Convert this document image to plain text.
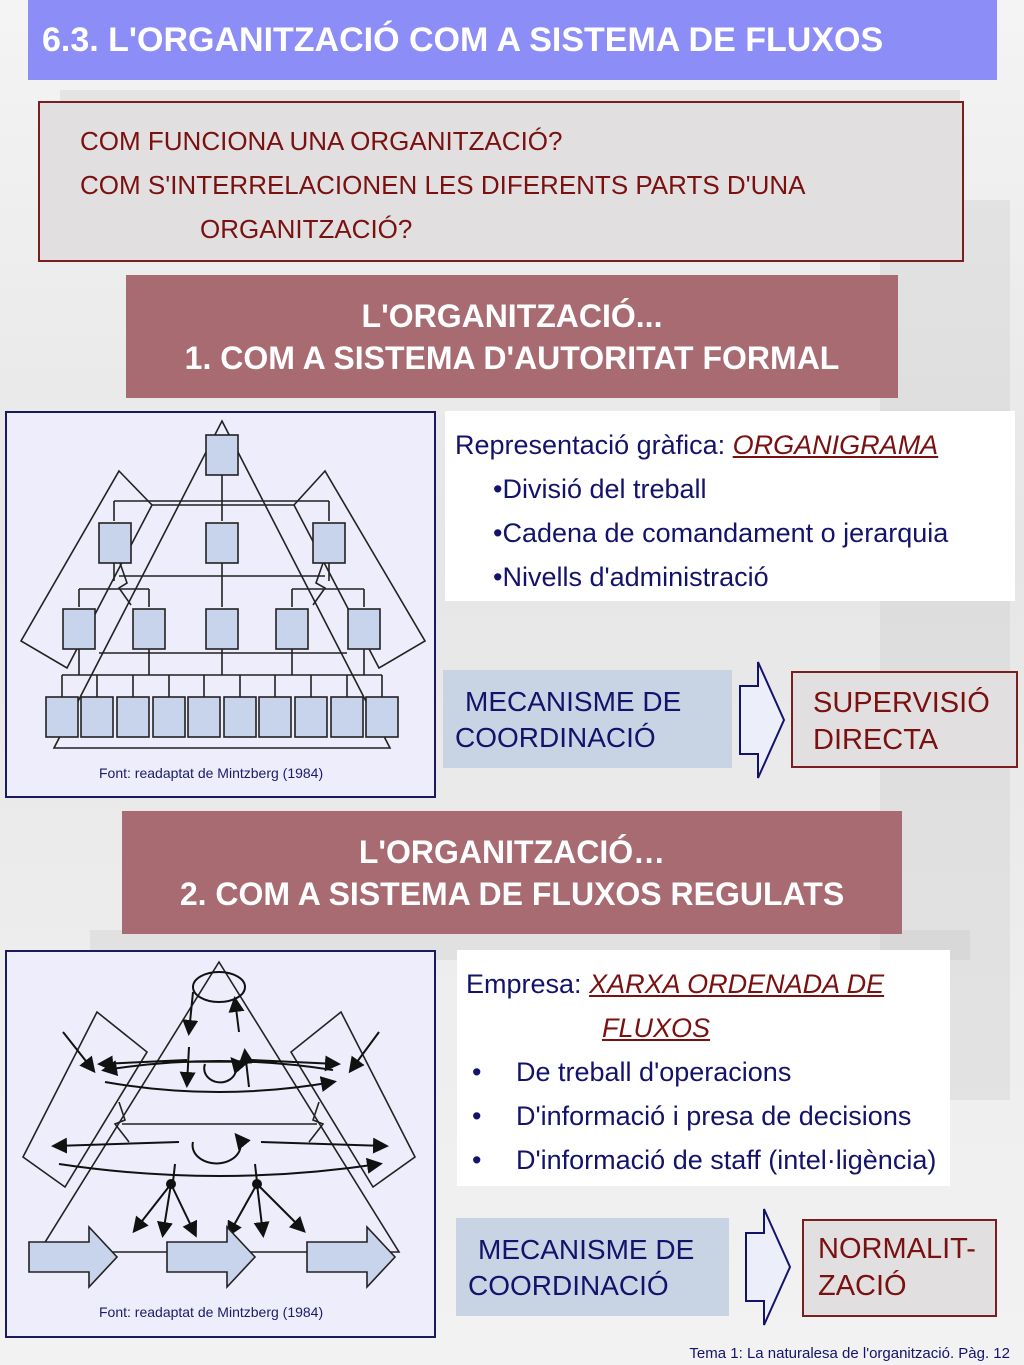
6.3. L'ORGANITZACIÓ COM A SISTEMA DE FLUXOS
COM FUNCIONA UNA ORGANITZACIÓ?
COM S'INTERRELACIONEN LES DIFERENTS PARTS D'UNA
ORGANITZACIÓ?
L'ORGANITZACIÓ...
1. COM A SISTEMA D'AUTORITAT FORMAL
Font: readaptat de Mintzberg (1984)
Representació gràfica: ORGANIGRAMA
•Divisió del treball
•Cadena de comandament o jerarquia
•Nivells d'administració
MECANISME DE
COORDINACIÓ
SUPERVISIÓ
DIRECTA
L'ORGANITZACIÓ…
2. COM A SISTEMA DE FLUXOS REGULATS
Font: readaptat de Mintzberg (1984)
Empresa: XARXA ORDENADA DE
FLUXOS
•	De treball d'operacions
•	D'informació i presa de decisions
•	D'informació de staff (intel·ligència)
MECANISME DE
COORDINACIÓ
NORMALIT-
ZACIÓ
Tema 1: La naturalesa de l'organització. Pàg. 12
